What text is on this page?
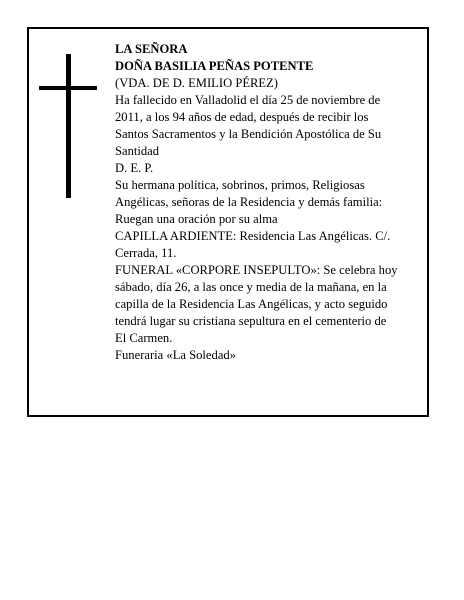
LA SEÑORA
DOÑA BASILIA PEÑAS POTENTE
(VDA. DE D. EMILIO PÉREZ)
Ha fallecido en Valladolid el día 25 de noviembre de
2011, a los 94 años de edad, después de recibir los
Santos Sacramentos y la Bendición Apostólica de Su
Santidad
D. E. P.
Su hermana política, sobrinos, primos, Religiosas
Angélicas, señoras de la Residencia y demás familia:
Ruegan una oración por su alma
CAPILLA ARDIENTE: Residencia Las Angélicas. C/.
Cerrada, 11.
FUNERAL «CORPORE INSEPULTO»: Se celebra hoy
sábado, día 26, a las once y media de la mañana, en la
capilla de la Residencia Las Angélicas, y acto seguido
tendrá lugar su cristiana sepultura en el cementerio de
El Carmen.
Funeraria «La Soledad»
